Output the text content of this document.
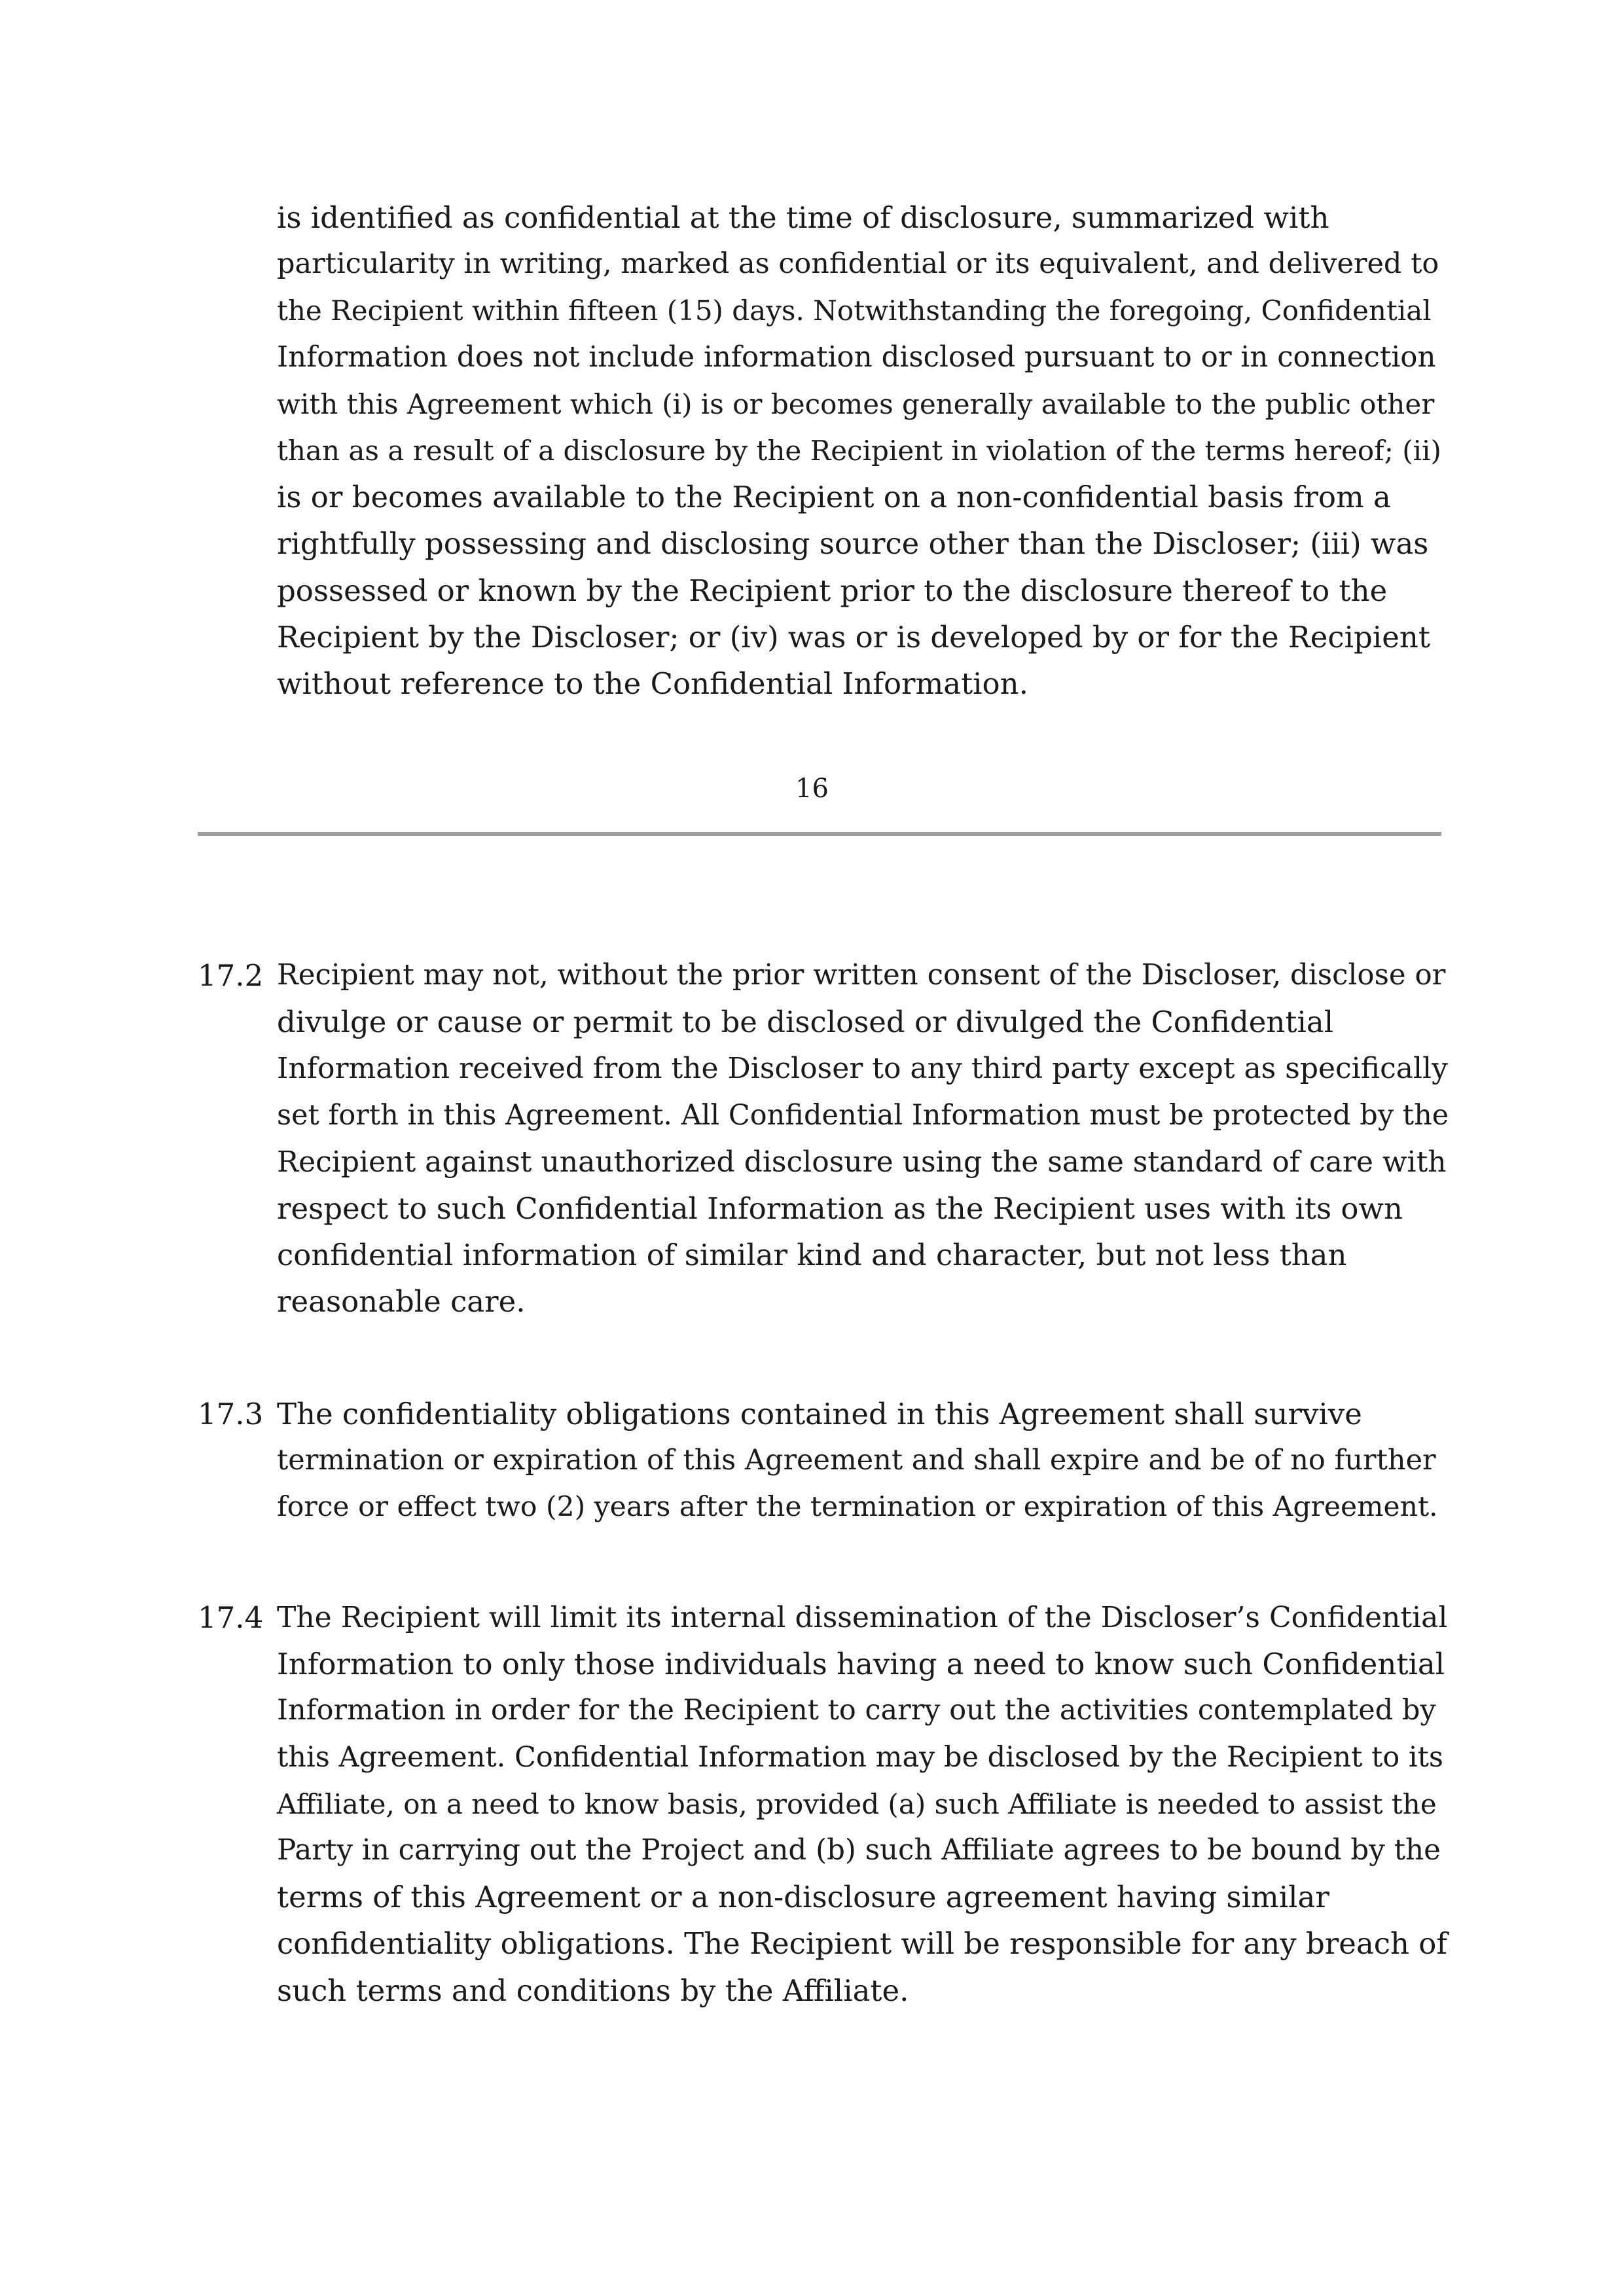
is identified as confidential at the time of disclosure, summarized with
particularity in writing, marked as confidential or its equivalent, and delivered to
the Recipient within fifteen (15) days. Notwithstanding the foregoing, Confidential
Information does not include information disclosed pursuant to or in connection
with this Agreement which (i) is or becomes generally available to the public other
than as a result of a disclosure by the Recipient in violation of the terms hereof; (ii)
is or becomes available to the Recipient on a non-confidential basis from a
rightfully possessing and disclosing source other than the Discloser; (iii) was
possessed or known by the Recipient prior to the disclosure thereof to the
Recipient by the Discloser; or (iv) was or is developed by or for the Recipient
without reference to the Confidential Information.

16

17.2 Recipient may not, without the prior written consent of the Discloser, disclose or
divulge or cause or permit to be disclosed or divulged the Confidential
Information received from the Discloser to any third party except as specifically
set forth in this Agreement. All Confidential Information must be protected by the
Recipient against unauthorized disclosure using the same standard of care with
respect to such Confidential Information as the Recipient uses with its own
confidential information of similar kind and character, but not less than
reasonable care.
17.3 The confidentiality obligations contained in this Agreement shall survive
termination or expiration of this Agreement and shall expire and be of no further
force or effect two (2) years after the termination or expiration of this Agreement.
17.4 The Recipient will limit its internal dissemination of the Discloser’s Confidential
Information to only those individuals having a need to know such Confidential
Information in order for the Recipient to carry out the activities contemplated by
this Agreement. Confidential Information may be disclosed by the Recipient to its
Affiliate, on a need to know basis, provided (a) such Affiliate is needed to assist the
Party in carrying out the Project and (b) such Affiliate agrees to be bound by the
terms of this Agreement or a non-disclosure agreement having similar
confidentiality obligations. The Recipient will be responsible for any breach of
such terms and conditions by the Affiliate.
